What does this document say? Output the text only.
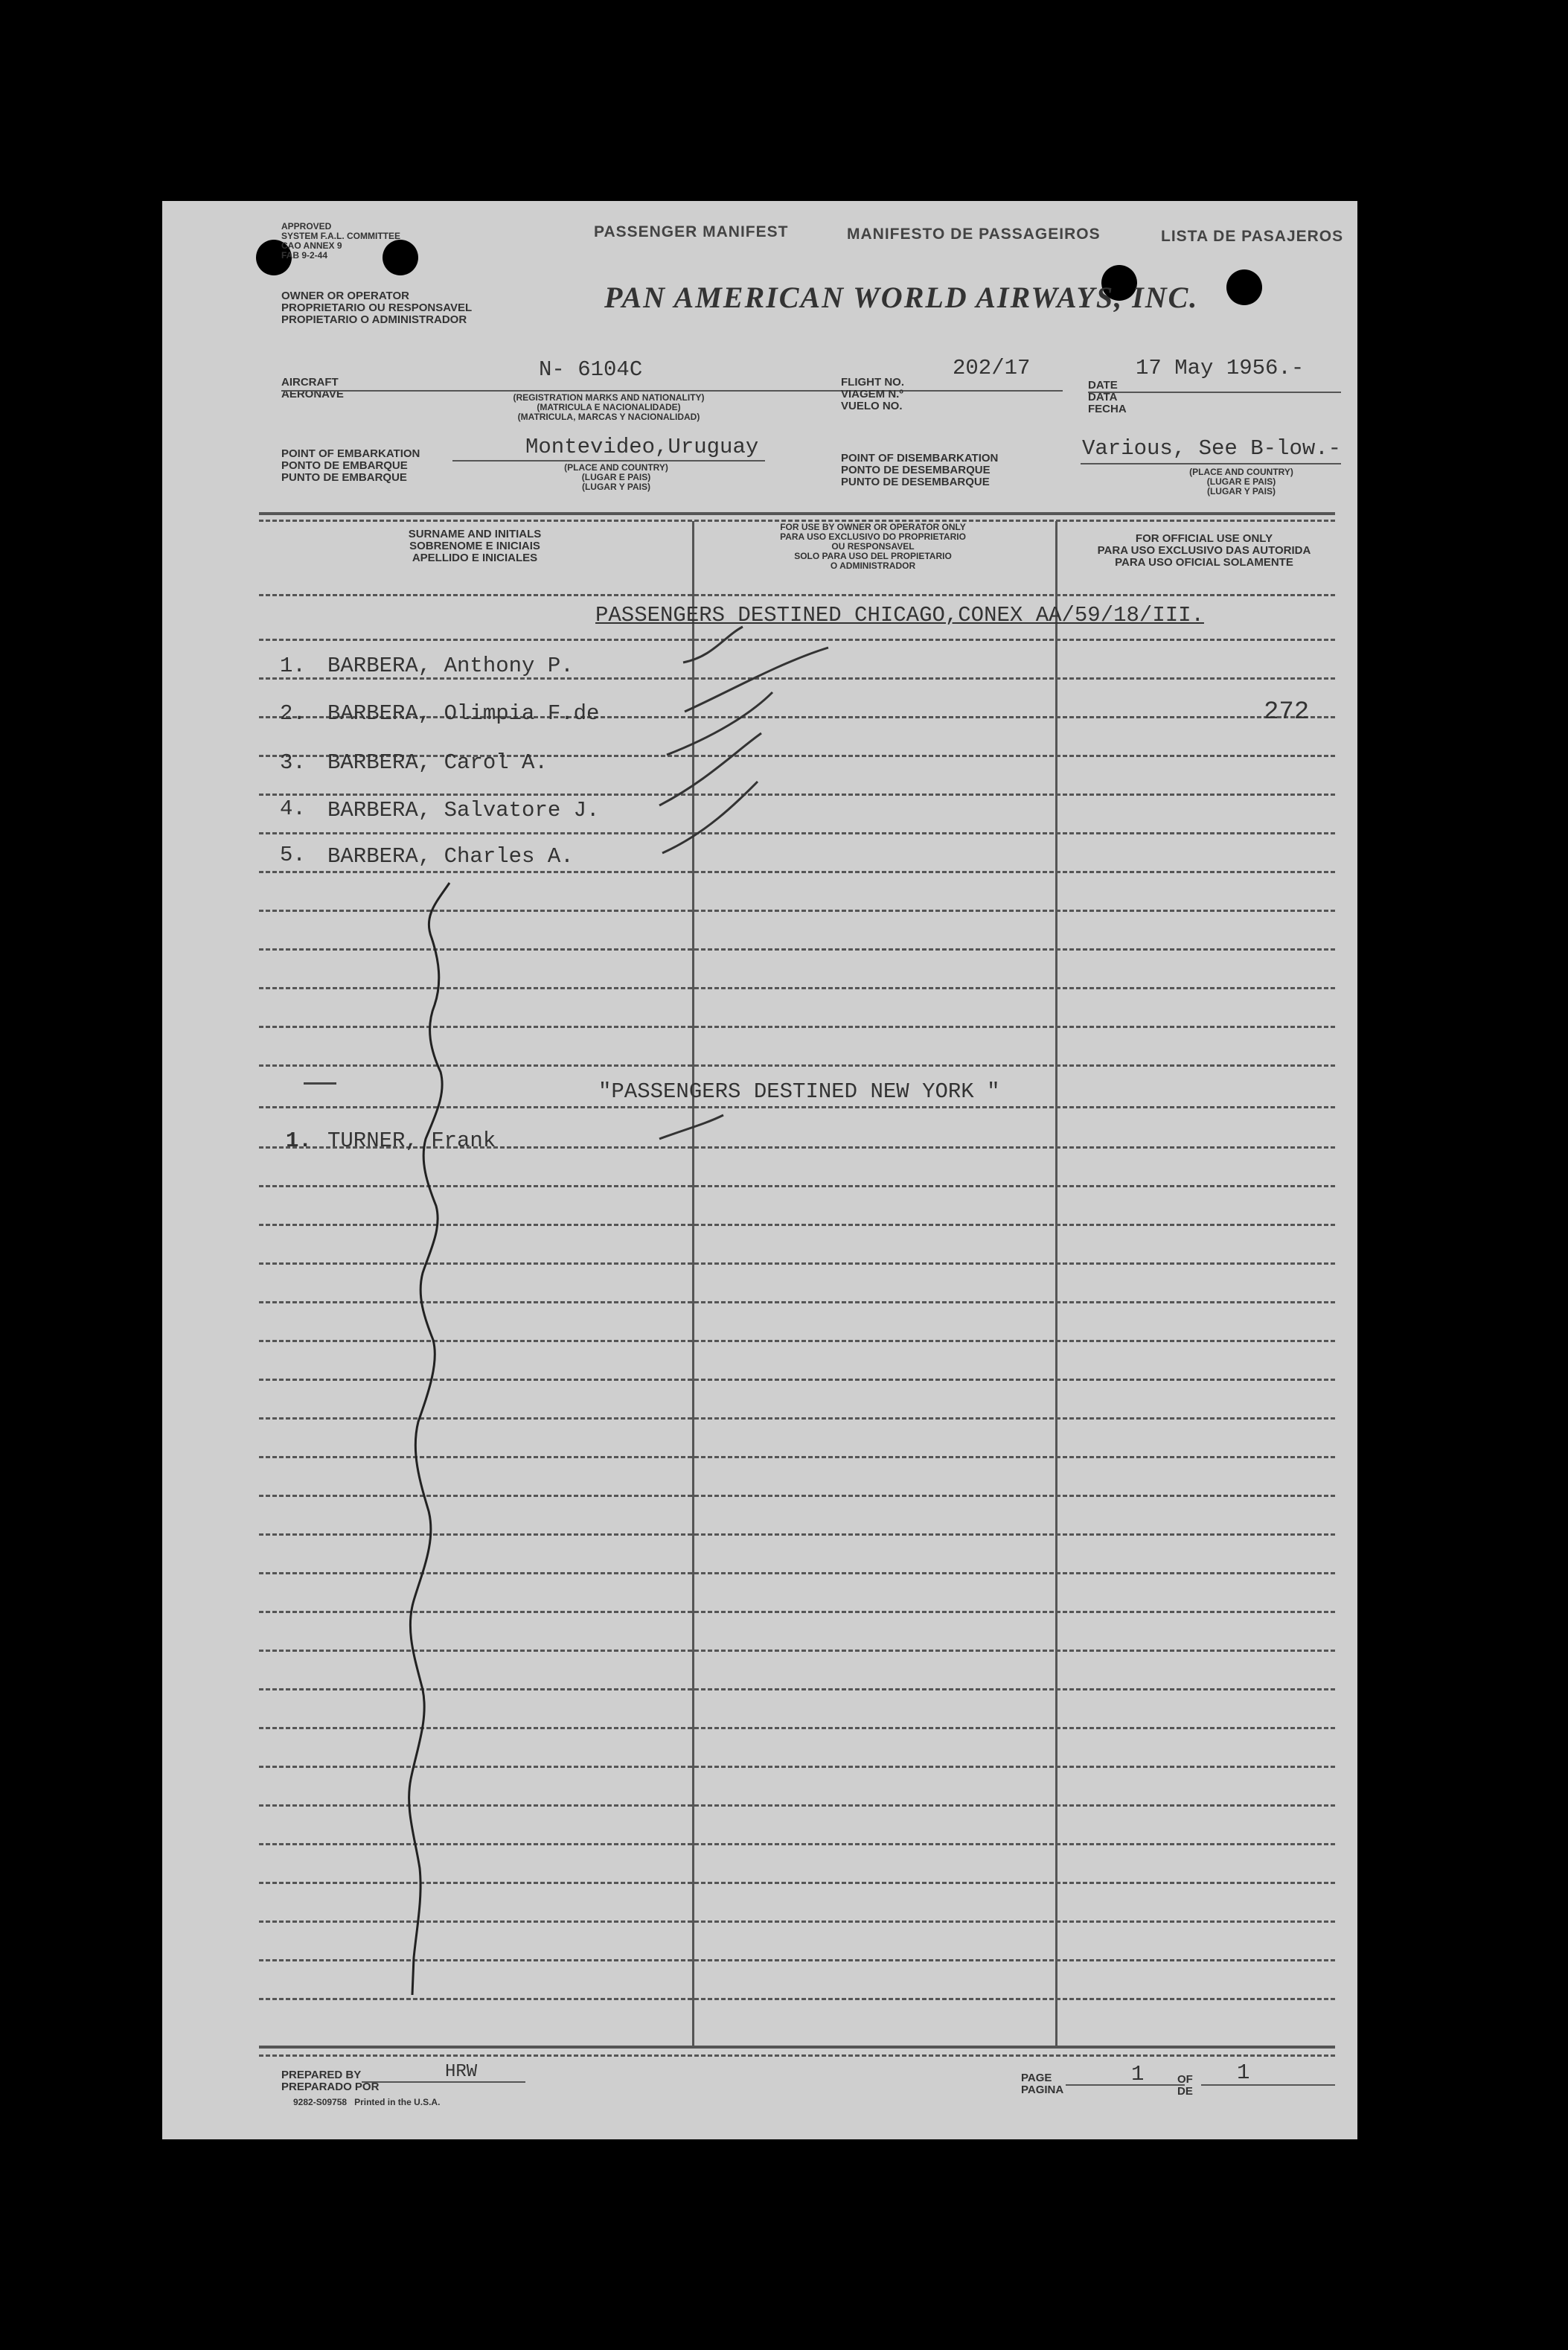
APPROVED
SYSTEM F.A.L. COMMITTEE
CAO ANNEX 9
FAB 9-2-44
PASSENGER MANIFEST	MANIFESTO DE PASSAGEIROS	LISTA DE PASAJEROS
OWNER OR OPERATOR
PROPRIETARIO OU RESPONSAVEL
PROPIETARIO O ADMINISTRADOR
PAN AMERICAN WORLD AIRWAYS, INC.
AIRCRAFT
AERONAVE
N- 6104C
(REGISTRATION MARKS AND NATIONALITY)
(MATRICULA E NACIONALIDADE)
(MATRICULA, MARCAS Y NACIONALIDAD)
FLIGHT NO.
VIAGEM N.º
VUELO NO.
202/17
DATE
DATA
FECHA
17 May 1956.-
POINT OF EMBARKATION
PONTO DE EMBARQUE
PUNTO DE EMBARQUE
Montevideo,Uruguay
(PLACE AND COUNTRY)
(LUGAR E PAIS)
(LUGAR Y PAIS)
POINT OF DISEMBARKATION
PONTO DE DESEMBARQUE
PUNTO DE DESEMBARQUE
Various, See B-low.-
(PLACE AND COUNTRY)
(LUGAR E PAIS)
(LUGAR Y PAIS)
SURNAME AND INITIALS
SOBRENOME E INICIAIS
APELLIDO E INICIALES
FOR USE BY OWNER OR OPERATOR ONLY
PARA USO EXCLUSIVO DO PROPRIETARIO
OU RESPONSAVEL
SOLO PARA USO DEL PROPIETARIO
O ADMINISTRADOR
FOR OFFICIAL USE ONLY
PARA USO EXCLUSIVO DAS AUTORIDA
PARA USO OFICIAL SOLAMENTE
PASSENGERS DESTINED CHICAGO,CONEX AA/59/18/III.
1. BARBERA, Anthony P.
2. BARBERA, Olimpia F.de	272
3. BARBERA, Carol A.
4. BARBERA, Salvatore J.
5. BARBERA, Charles A.
"PASSENGERS DESTINED NEW YORK "
1. TURNER, Frank
PREPARED BY
PREPARADO POR
HRW
9282-S09758 Printed in the U.S.A.
PAGE
PAGINA
1	OF
DE
1
